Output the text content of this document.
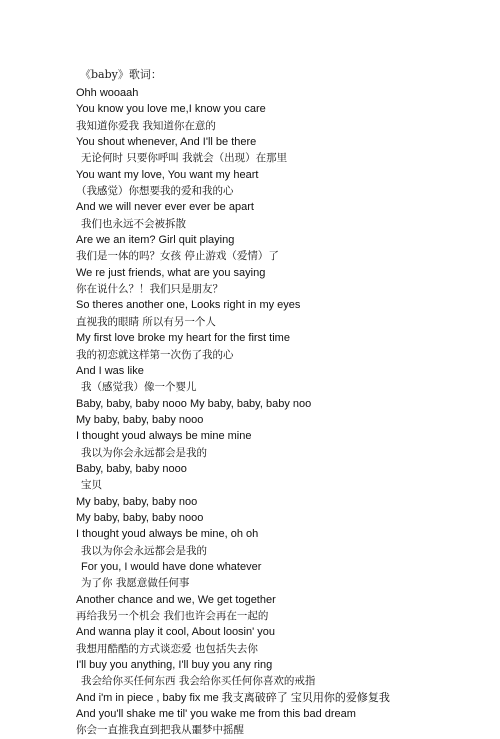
《baby》歌词：
Ohh wooaah
You know you love me,I know you care
我知道你爱我 我知道你在意的
You shout whenever, And I'll be there
无论何时 只要你呼叫 我就会（出现）在那里
You want my love, You want my heart
（我感觉）你想要我的爱和我的心
And we will never ever ever be apart
我们也永远不会被拆散
Are we an item? Girl quit playing
我们是一体的吗？女孩 停止游戏（爱情）了
We re just friends, what are you saying
你在说什么？！我们只是朋友？
So theres another one, Looks right in my eyes
直视我的眼睛 所以有另一个人
My first love broke my heart for the first time
我的初恋就这样第一次伤了我的心
And I was like
我（感觉我）像一个婴儿
Baby, baby, baby nooo My baby, baby, baby noo
My baby, baby, baby nooo
I thought youd always be mine mine
我以为你会永远都会是我的
Baby, baby, baby nooo
宝贝
My baby, baby, baby noo
My baby, baby, baby nooo
I thought youd always be mine, oh oh
我以为你会永远都会是我的
For you, I would have done whatever
为了你 我愿意做任何事
Another chance and we, We get together
再给我另一个机会 我们也许会再在一起的
And wanna play it cool, About loosin' you
我想用酷酷的方式谈恋爱 也包括失去你
I'll buy you anything, I'll buy you any ring
我会给你买任何东西 我会给你买任何你喜欢的戒指
And i'm in piece , baby fix me 我支离破碎了 宝贝用你的爱修复我
And you'll shake me til' you wake me from this bad dream
你会一直推我直到把我从噩梦中摇醒
